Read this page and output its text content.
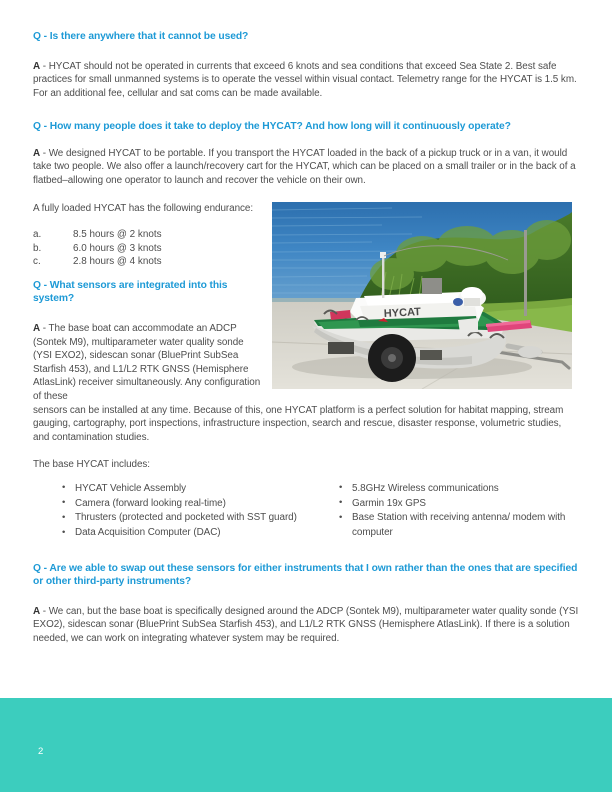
Q - Is there anywhere that it cannot be used?

A - HYCAT should not be operated in currents that exceed 6 knots and sea conditions that exceed Sea State 2. Best safe practices for small unmanned systems is to operate the vessel within visual contact. Telemetry range for the HYCAT is 1.5 km. For an additional fee, cellular and sat coms can be made available.

Q - How many people does it take to deploy the HYCAT? And how long will it continuously operate?

A - We designed HYCAT to be portable. If you transport the HYCAT loaded in the back of a pickup truck or in a van, it would take two people. We also offer a launch/recovery cart for the HYCAT, which can be placed on a small trailer or in the back of a flatbed–allowing one operator to launch and recover the vehicle on their own.

HYCAT

A fully loaded HYCAT has the following endurance:

a.	8.5 hours @ 2 knots
b.	6.0 hours @ 3 knots
c.	2.8 hours @ 4 knots

Q - What sensors are integrated into this system?

A - The base boat can accommodate an ADCP (Sontek M9), multiparameter water quality sonde (YSI EXO2), sidescan sonar (BluePrint SubSea Starfish 453), and L1/L2 RTK GNSS (Hemisphere AtlasLink) receiver simultaneously. Any configuration of these

sensors can be installed at any time. Because of this, one HYCAT platform is a perfect solution for habitat mapping, stream gauging, cartography, port inspections, infrastructure inspection, search and rescue, disaster response, volumetric studies, and contamination studies.

The base HYCAT includes:

• HYCAT Vehicle Assembly
• Camera (forward looking real-time)
• Thrusters (protected and pocketed with SST guard)
• Data Acquisition Computer (DAC)
• 5.8GHz Wireless communications
• Garmin 19x GPS
• Base Station with receiving antenna/ modem with computer

Q - Are we able to swap out these sensors for either instruments that I own rather than the ones that are specified or other third-party instruments?

A - We can, but the base boat is specifically designed around the ADCP (Sontek M9), multiparameter water quality sonde (YSI EXO2), sidescan sonar (BluePrint SubSea Starfish 453), and L1/L2 RTK GNSS (Hemisphere AtlasLink). If there is a solution needed, we can work on integrating whatever system may be required.

2
